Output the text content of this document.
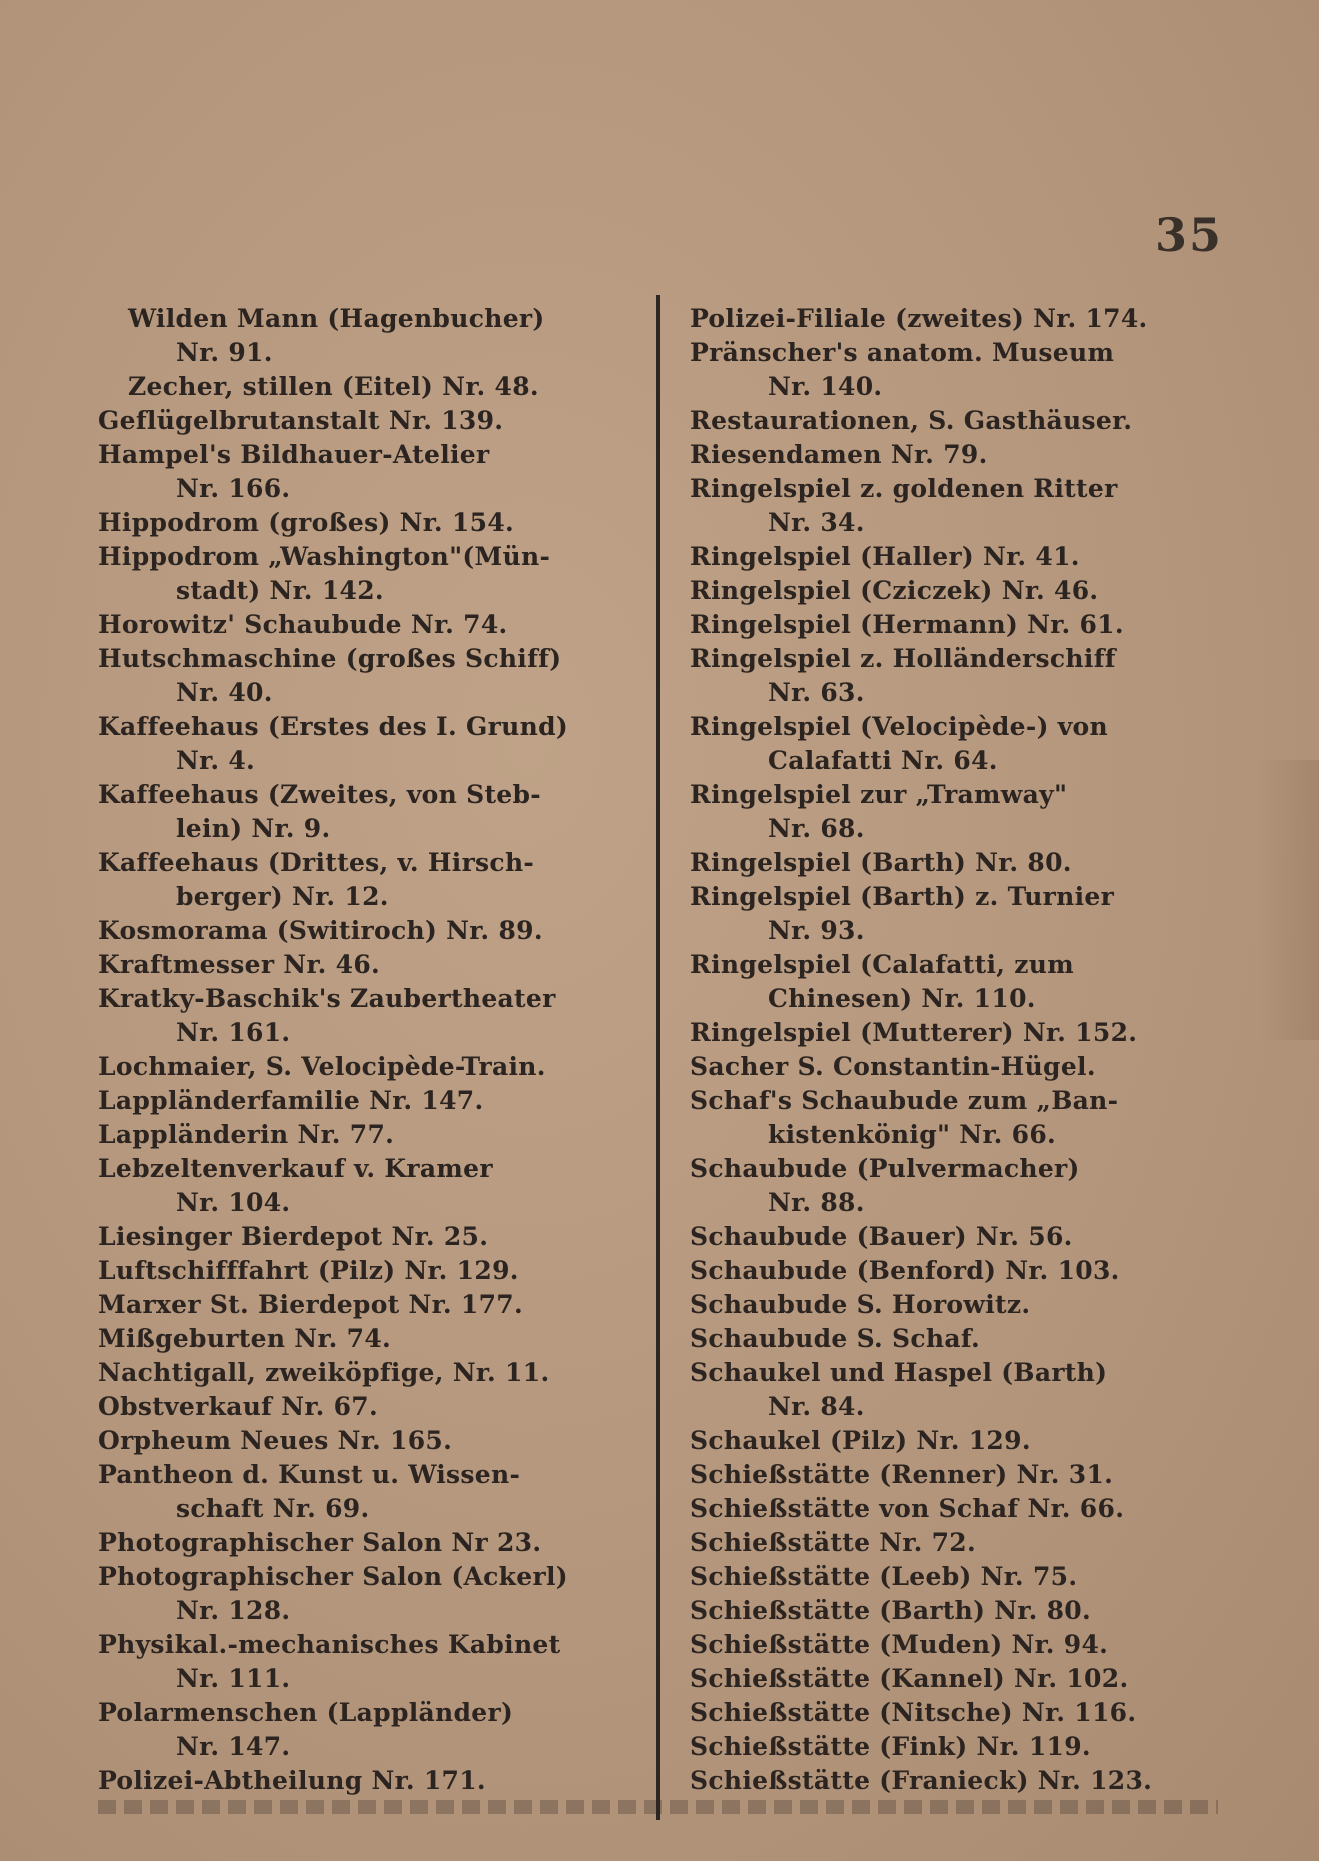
35
Wilden Mann (Hagenbucher)
Nr. 91.
Zecher, stillen (Eitel) Nr. 48.
Geflügelbrutanstalt Nr. 139.
Hampel's Bildhauer-Atelier
Nr. 166.
Hippodrom (großes) Nr. 154.
Hippodrom „Washington"(Mün-
stadt) Nr. 142.
Horowitz' Schaubude Nr. 74.
Hutschmaschine (großes Schiff)
Nr. 40.
Kaffeehaus (Erstes des I. Grund)
Nr. 4.
Kaffeehaus (Zweites, von Steb-
lein) Nr. 9.
Kaffeehaus (Drittes, v. Hirsch-
berger) Nr. 12.
Kosmorama (Switiroch) Nr. 89.
Kraftmesser Nr. 46.
Kratky-Baschik's Zaubertheater
Nr. 161.
Lochmaier, S. Velocipède-Train.
Lappländerfamilie Nr. 147.
Lappländerin Nr. 77.
Lebzeltenverkauf v. Kramer
Nr. 104.
Liesinger Bierdepot Nr. 25.
Luftschifffahrt (Pilz) Nr. 129.
Marxer St. Bierdepot Nr. 177.
Mißgeburten Nr. 74.
Nachtigall, zweiköpfige, Nr. 11.
Obstverkauf Nr. 67.
Orpheum Neues Nr. 165.
Pantheon d. Kunst u. Wissen-
schaft Nr. 69.
Photographischer Salon Nr 23.
Photographischer Salon (Ackerl)
Nr. 128.
Physikal.-mechanisches Kabinet
Nr. 111.
Polarmenschen (Lappländer)
Nr. 147.
Polizei-Abtheilung Nr. 171.
Polizei-Filiale (zweites) Nr. 174.
Pränscher's anatom. Museum
Nr. 140.
Restaurationen, S. Gasthäuser.
Riesendamen Nr. 79.
Ringelspiel z. goldenen Ritter
Nr. 34.
Ringelspiel (Haller) Nr. 41.
Ringelspiel (Cziczek) Nr. 46.
Ringelspiel (Hermann) Nr. 61.
Ringelspiel z. Holländerschiff
Nr. 63.
Ringelspiel (Velocipède-) von
Calafatti Nr. 64.
Ringelspiel zur „Tramway"
Nr. 68.
Ringelspiel (Barth) Nr. 80.
Ringelspiel (Barth) z. Turnier
Nr. 93.
Ringelspiel (Calafatti, zum
Chinesen) Nr. 110.
Ringelspiel (Mutterer) Nr. 152.
Sacher S. Constantin-Hügel.
Schaf's Schaubude zum „Ban-
kistenkönig" Nr. 66.
Schaubude (Pulvermacher)
Nr. 88.
Schaubude (Bauer) Nr. 56.
Schaubude (Benford) Nr. 103.
Schaubude S. Horowitz.
Schaubude S. Schaf.
Schaukel und Haspel (Barth)
Nr. 84.
Schaukel (Pilz) Nr. 129.
Schießstätte (Renner) Nr. 31.
Schießstätte von Schaf Nr. 66.
Schießstätte Nr. 72.
Schießstätte (Leeb) Nr. 75.
Schießstätte (Barth) Nr. 80.
Schießstätte (Muden) Nr. 94.
Schießstätte (Kannel) Nr. 102.
Schießstätte (Nitsche) Nr. 116.
Schießstätte (Fink) Nr. 119.
Schießstätte (Franieck) Nr. 123.
